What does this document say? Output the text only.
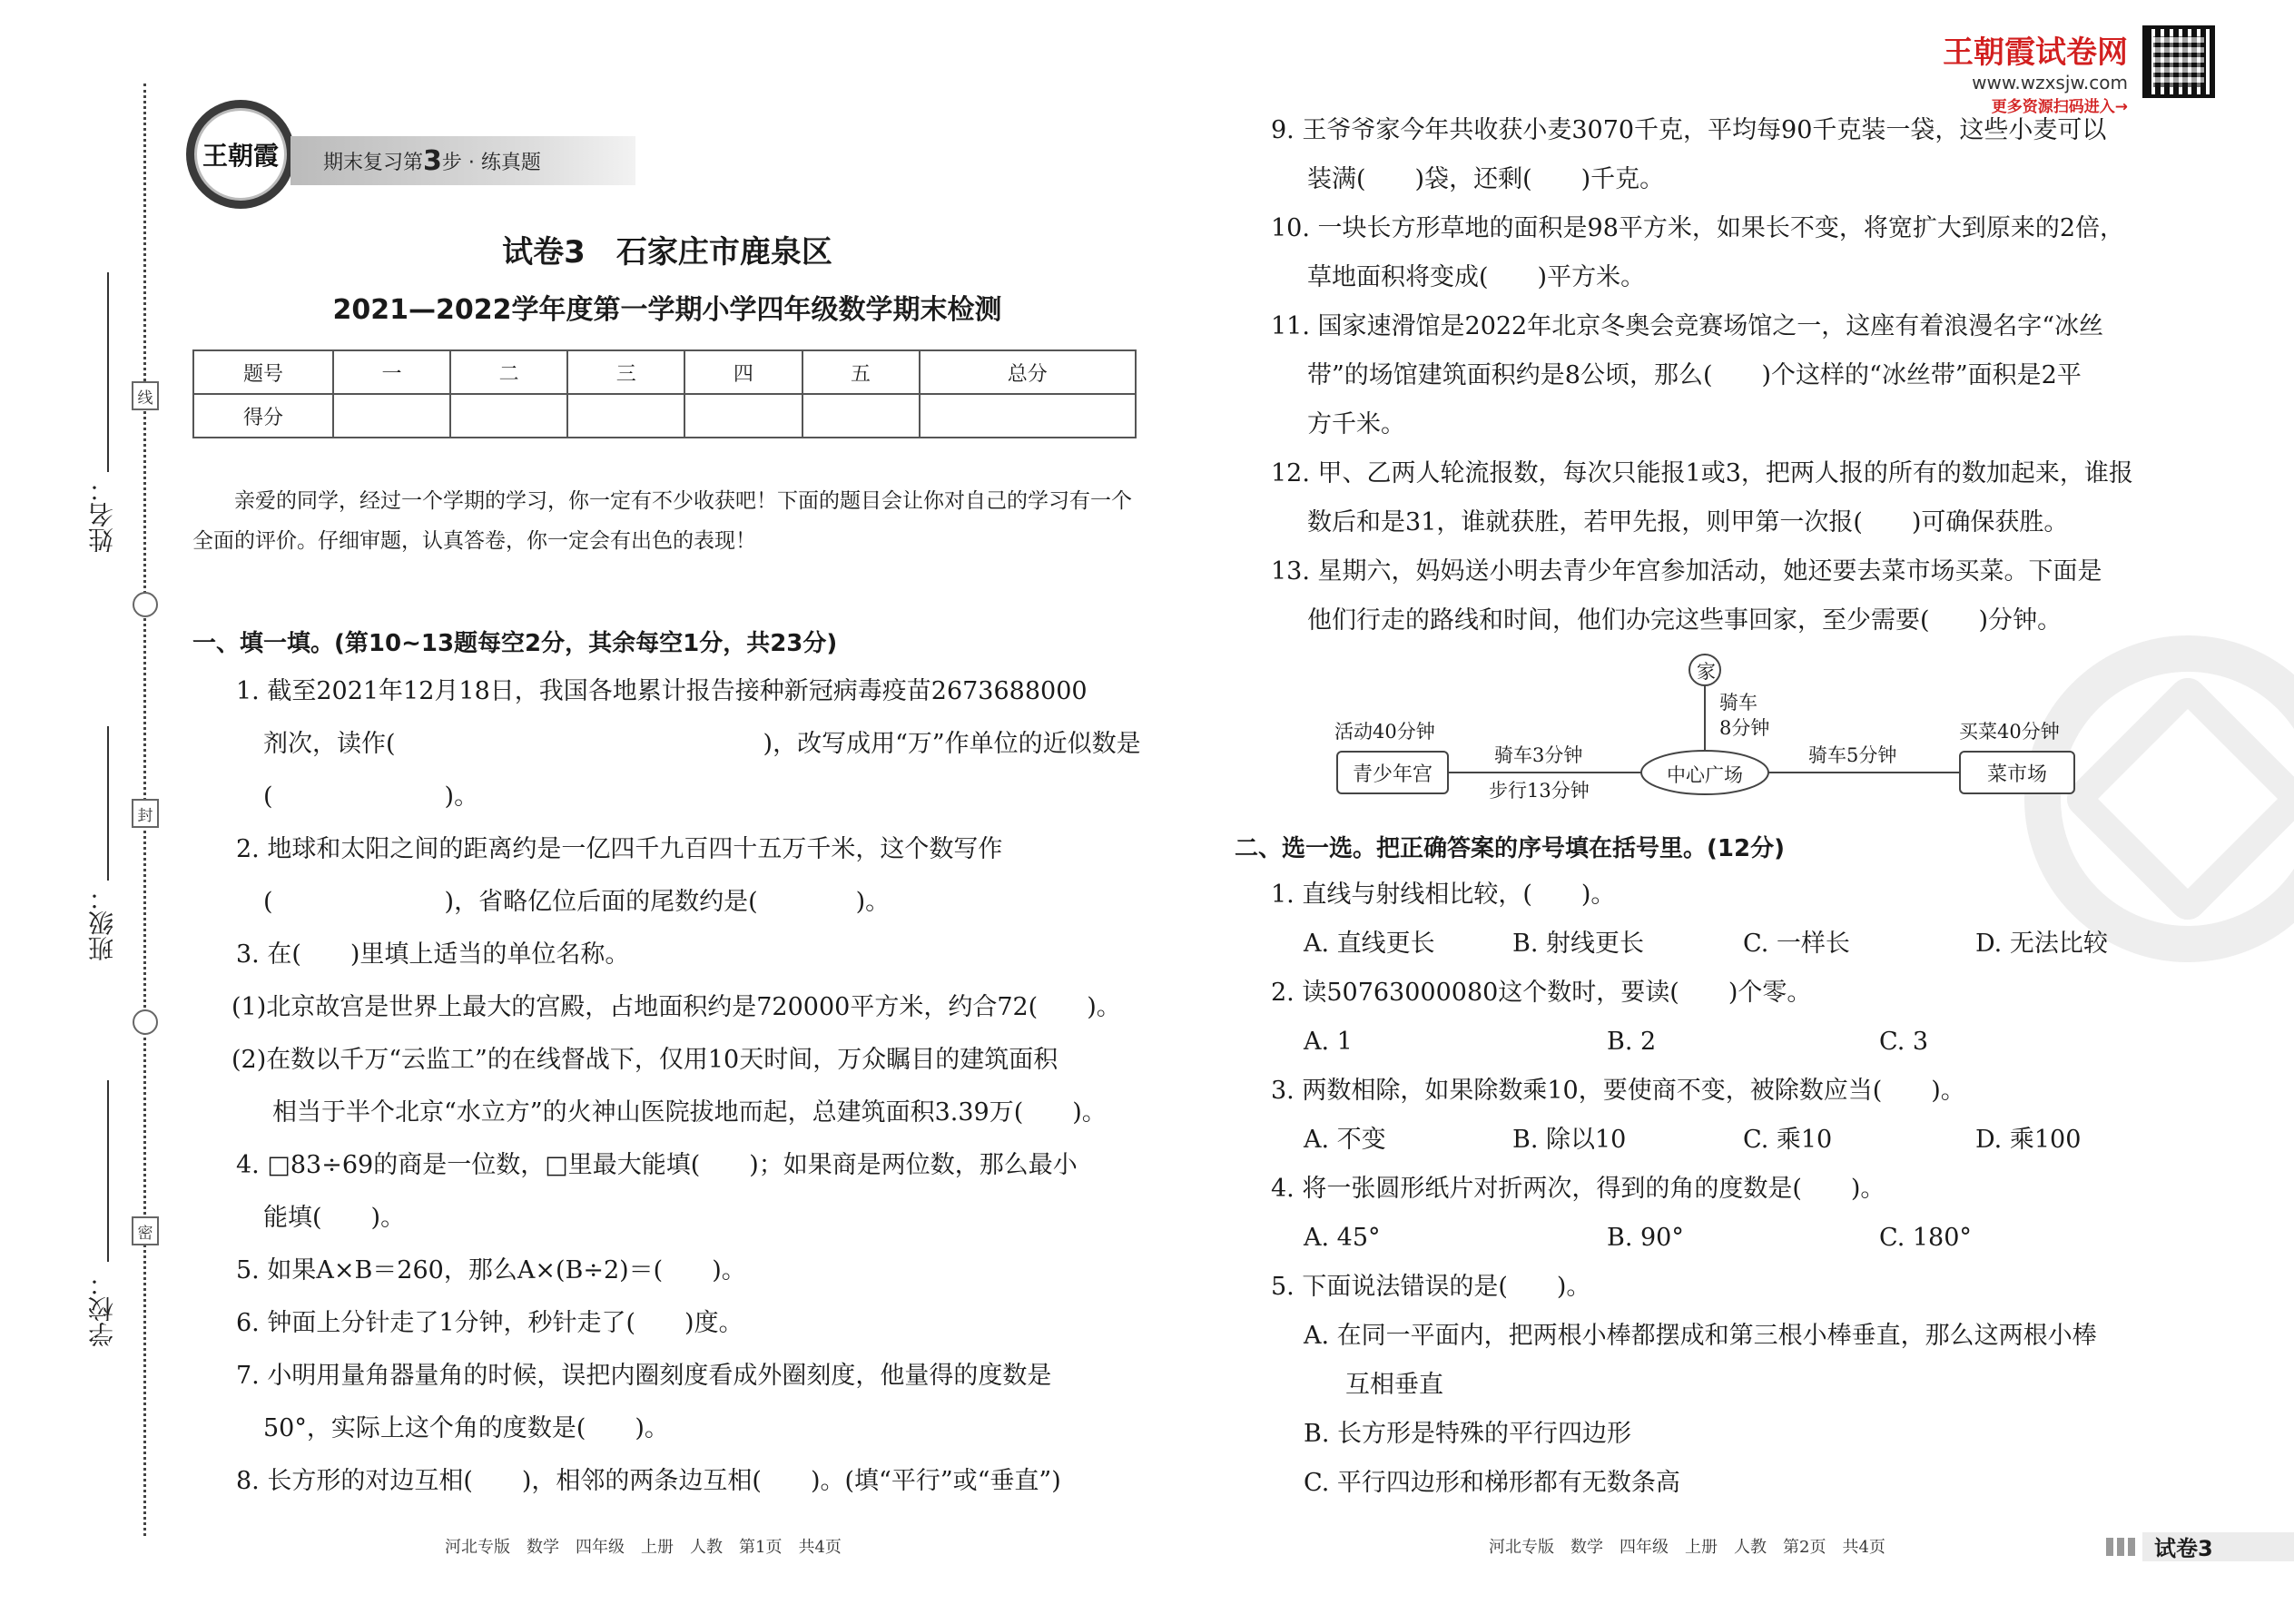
线
封
密
姓名：
班级：
学校：
王朝霞	期末复习第 3 步 · 练真题
试卷3　石家庄市鹿泉区
2021—2022学年度第一学期小学四年级数学期末检测
题号	一	二	三	四	五	总分
得分						
亲爱的同学，经过一个学期的学习，你一定有不少收获吧！下面的题目会让你对自己的学习有一个全面的评价。仔细审题，认真答卷，你一定会有出色的表现！
一、填一填。(第10~13题每空2分，其余每空1分，共23分)
1. 截至2021年12月18日，我国各地累计报告接种新冠病毒疫苗2673688000
剂次，读作(　　　　　　　　　　　　　　　)，改写成用“万”作单位的近似数是
(　　　　　　　)。
2. 地球和太阳之间的距离约是一亿四千九百四十五万千米，这个数写作
(　　　　　　　)，省略亿位后面的尾数约是(　　　　)。
3. 在(　　)里填上适当的单位名称。
(1)北京故宫是世界上最大的宫殿，占地面积约是720000平方米，约合72(　　)。
(2)在数以千万“云监工”的在线督战下，仅用10天时间，万众瞩目的建筑面积
相当于半个北京“水立方”的火神山医院拔地而起，总建筑面积3.39万(　　)。
4. □83÷69的商是一位数，□里最大能填(　　)；如果商是两位数，那么最小
能填(　　)。
5. 如果A×B＝260，那么A×(B÷2)＝(　　)。
6. 钟面上分针走了1分钟，秒针走了(　　)度。
7. 小明用量角器量角的时候，误把内圈刻度看成外圈刻度，他量得的度数是
50°，实际上这个角的度数是(　　)。
8. 长方形的对边互相(　　)，相邻的两条边互相(　　)。(填“平行”或“垂直”)
河北专版　数学　四年级　上册　人教　第1页　共4页
王朝霞试卷网
www.wzxsjw.com
更多资源扫码进入→
9. 王爷爷家今年共收获小麦3070千克，平均每90千克装一袋，这些小麦可以
装满(　　)袋，还剩(　　)千克。
10. 一块长方形草地的面积是98平方米，如果长不变，将宽扩大到原来的2倍，
草地面积将变成(　　)平方米。
11. 国家速滑馆是2022年北京冬奥会竞赛场馆之一，这座有着浪漫名字“冰丝
带”的场馆建筑面积约是8公顷，那么(　　)个这样的“冰丝带”面积是2平
方千米。
12. 甲、乙两人轮流报数，每次只能报1或3，把两人报的所有的数加起来，谁报
数后和是31，谁就获胜，若甲先报，则甲第一次报(　　)可确保获胜。
13. 星期六，妈妈送小明去青少年宫参加活动，她还要去菜市场买菜。下面是
他们行走的路线和时间，他们办完这些事回家，至少需要(　　)分钟。
家
中心广场
青少年宫	菜市场
活动40分钟	买菜40分钟
骑车
8分钟
骑车3分钟
步行13分钟
骑车5分钟
二、选一选。把正确答案的序号填在括号里。(12分)
1. 直线与射线相比较，(　　)。
A. 直线更长	B. 射线更长	C. 一样长	D. 无法比较
2. 读50763000080这个数时，要读(　　)个零。
A. 1	B. 2	C. 3
3. 两数相除，如果除数乘10，要使商不变，被除数应当(　　)。
A. 不变	B. 除以10	C. 乘10	D. 乘100
4. 将一张圆形纸片对折两次，得到的角的度数是(　　)。
A. 45°	B. 90°	C. 180°
5. 下面说法错误的是(　　)。
A. 在同一平面内，把两根小棒都摆成和第三根小棒垂直，那么这两根小棒
互相垂直
B. 长方形是特殊的平行四边形
C. 平行四边形和梯形都有无数条高
河北专版　数学　四年级　上册　人教　第2页　共4页	试卷3
